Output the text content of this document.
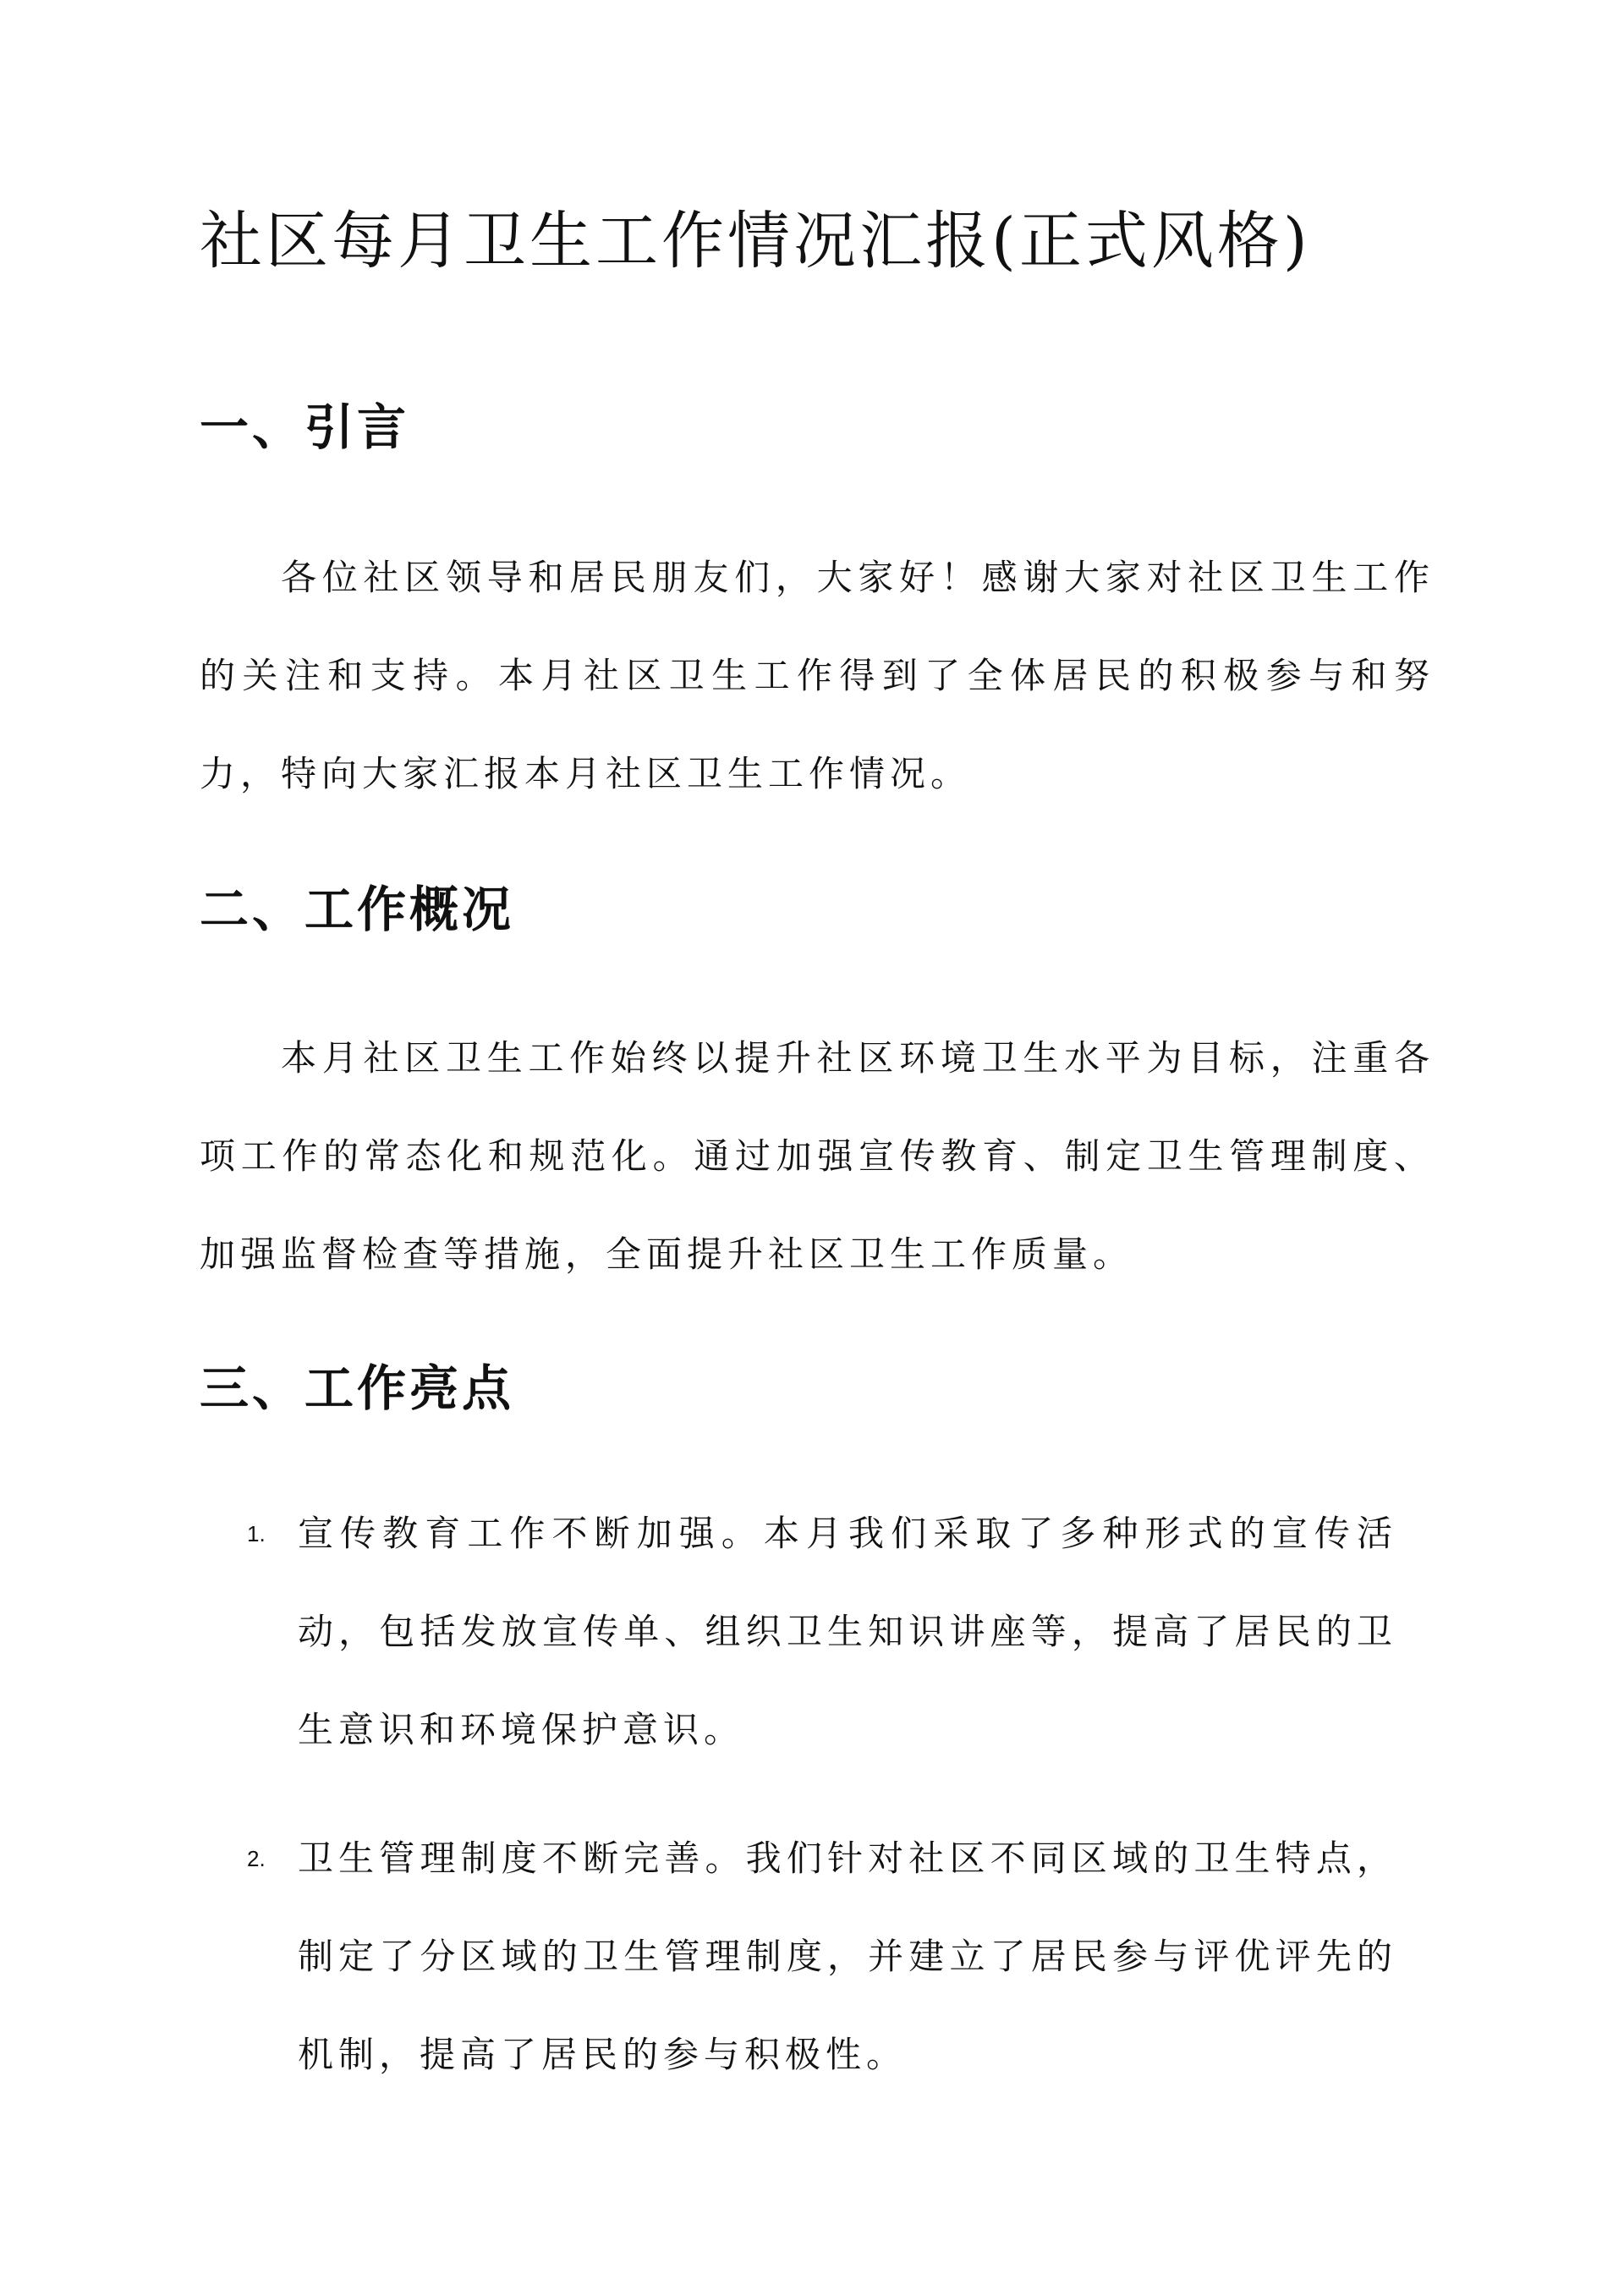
社区每月卫生工作情况汇报(正式风格)
一、引言

各位社区领导和居民朋友们，大家好！感谢大家对社区卫生工作的关注和支持。本月社区卫生工作得到了全体居民的积极参与和努力，特向大家汇报本月社区卫生工作情况。

二、工作概况

本月社区卫生工作始终以提升社区环境卫生水平为目标，注重各项工作的常态化和规范化。通过加强宣传教育、制定卫生管理制度、加强监督检查等措施，全面提升社区卫生工作质量。

三、工作亮点
1. 宣传教育工作不断加强。本月我们采取了多种形式的宣传活动，包括发放宣传单、组织卫生知识讲座等，提高了居民的卫生意识和环境保护意识。

2. 卫生管理制度不断完善。我们针对社区不同区域的卫生特点，制定了分区域的卫生管理制度，并建立了居民参与评优评先的机制，提高了居民的参与积极性。
